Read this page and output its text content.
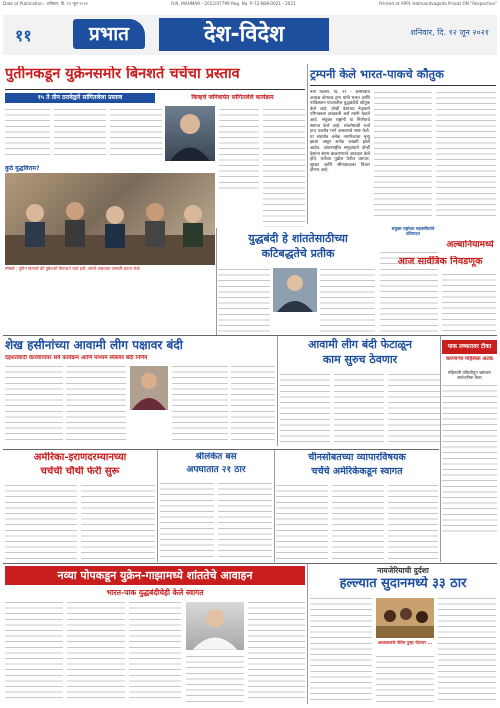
Date of Publication : शनिवार, दि. १२ जून २०२१	R.N. MAHMAR - 2012/47799 Reg. No. P-72-NSK-0021 - 2021	Printed at APPL Halmandvagoda Prasat ON "Respective"
११	प्रभात	देश-विदेश	शनिवार, दि. १२ जून २०२१
पुतीनकडून युक्रेनसमोर बिनशर्त चर्चेचा प्रस्ताव
१५ ते तीन ठरावेद्वारे सांगितलेला प्रस्ताव	किव्हचे जनिवार्यत सांगितलेले कार्यक्रम
कुठे युद्धविराम?
मॉस्को : पुतिन म्हणाले की युक्रेनशी विनाशर्त चर्चा हवी, संघर्ष थांबवावा यासाठी प्रयत्न केले
ट्रम्पनी केले भारत-पाकचे कौतुक
नवी दिल्ली, दि. ११ - अमेरिकेचे अध्यक्ष डोनाल्ड ट्रम्प यांनी भारत आणि पाकिस्तान यांच्यातील युद्धबंदीचे कौतुक केले आहे. दोन्ही देशांच्या नेतृत्वाने परिपक्वता दाखवली असे त्यांनी म्हटले आहे. संयुक्त राष्ट्रांनी या निर्णयाचे स्वागत केले आहे. शांततेसाठी चर्चा हाच एकमेव मार्ग असल्याचे स्पष्ट केले. या संघर्षात अनेक नागरिकांचा मृत्यू झाला असून अनेक जखमी झाले आहेत. आंतरराष्ट्रीय समुदायाने दोन्ही देशांना संयम बाळगण्याचे आवाहन केले होते. चर्चेच्या पुढील फेरीत व्यापार, सुरक्षा आणि सीमावादावर विचार होणार आहे.
युद्धबंदी हे शांततेसाठीच्या
कटिबद्धतेचे प्रतीक
संयुक्त राष्ट्रांच्या महासचिवांचे प्रतिपादन
अल्बानियामध्ये
आज सार्वत्रिक निवडणूक
शेख हसीनांच्या आवामी लीग पक्षावर बंदी
दहशतवादी कारवायांवर सर्व कार्यक्रम आणि माध्यम स्पेसवर बंदी निर्णय
आवामी लीग बंदी फेटाळून
काम सुरुच ठेवणार
पाक लष्करावर टीका
करणाऱ्या महिलेला अटक
महिलांनी वकिलीतून भ्रष्टाचार सार्वजनिक केला
अमेरिका-इराणदरम्यानच्या
चर्चेची चौथी फेरी सुरू
श्रीलंकेत बस
अपघातात २१ ठार
चीनसोबतच्या व्यापारविषयक
चर्चेचे अमेरिकेकडून स्वागत
नव्या पोपकडून युक्रेन-गाझामध्ये शांततेचे आवाहन
भारत-पाक युद्धबंदीचेही केले स्वागत
नायजेरियाची दुर्दशा
हल्ल्यात सुदानमध्ये ३३ ठार
आजकालचे गोरोम पुन्हा भेटणार ...
